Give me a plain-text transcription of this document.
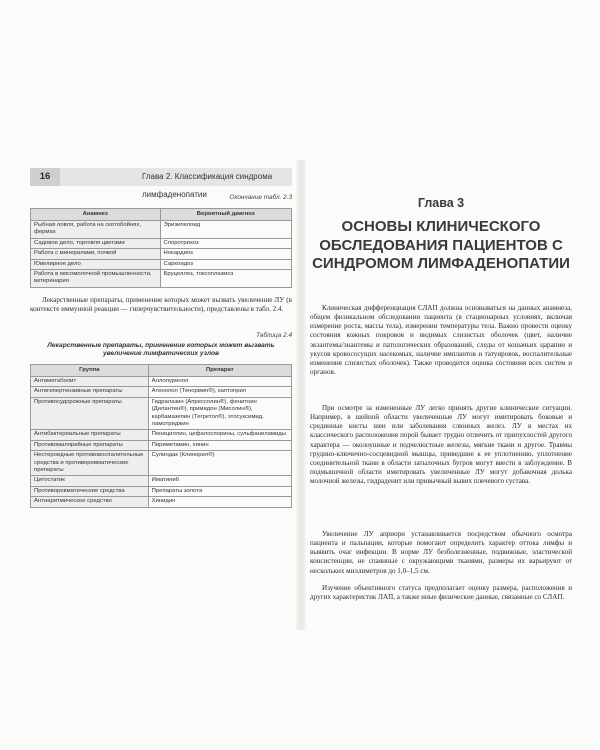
16	Глава 2. Классификация синдрома лимфаденопатии	Окончание табл. 2.3
Анамнез	Вероятный диагноз
Рыбная ловля, работа на скотобойнях, фермах	Эризипелоид
Садовое дело, торговля цветами	Споротрихоз
Работа с минералами, почвой	Нокардиоз
Ювелирное дело	Саркоидоз
Работа в мясомолочной промышленности, ветеринария	Бруцеллез, токсоплазмоз
Лекарственные препараты, применение которых может вызвать увеличение ЛУ (в контексте иммунной реакции — гиперчувствительности), представлены в табл. 2.4.
Таблица 2.4
Лекарственные препараты, применение которых может вызвать увеличение лимфатических узлов
Группа	Препарат
Антиметаболит	Аллопуринол
Антигипертензивные препараты	Атенолол (Тенормин®), каптоприл
Противосудорожные препараты	Гидралазин (Апрессолин®), фенитоин (Дилантин®), примидон (Мисолин®), карбамазепин (Тегретол®), этосуксимид, ламотриджин
Антибактериальные препараты	Пенициллин, цефалоспорины, сульфаниламиды
Противомалярийные препараты	Пириметамин, хинин
Нестероидные противовоспалительные средства и противоревматические препараты	Сулиндак (Клинорил®)
Цитостатик	Иматиниб
Противоревматические средства	Препараты золота
Антиаритмическое средство	Хинидин
Глава 3
ОСНОВЫ КЛИНИЧЕСКОГО ОБСЛЕДОВАНИЯ ПАЦИЕНТОВ С СИНДРОМОМ ЛИМФАДЕНОПАТИИ
Клиническая дифференциация СЛАП должна основываться на данных анамнеза, общем физикальном обследовании пациента (в стационарных условиях, включая измерение роста, массы тела), измерении температуры тела. Важно провести оценку состояния кожных покровов и видимых слизистых оболочек (цвет, наличие экзантемы/энантемы и патологических образований, следы от кошачьих царапин и укусов кровососущих насекомых, наличие имплантов и татуировок, воспалительные изменения слизистых оболочек). Также проводится оценка состояния всех систем и органов.
При осмотре за измененные ЛУ легко принять другие клинические ситуации. Например, в шейной области увеличенные ЛУ могут имитировать боковые и срединные кисты шеи или заболевания слюнных желез. ЛУ в местах их классического расположения порой бывает трудно отличить от припухлостей другого характера — околоушные и подчелюстные железы, мягкие ткани и другое. Травмы грудино-ключично-сосцевидной мышцы, приведшие к ее уплотнению, уплотнение соединительной ткани в области затылочных бугров могут ввести в заблуждение. В подмышечной области имитировать увеличенные ЛУ могут добавочная долька молочной железы, гидраденит или привычный вывих плечевого сустава.
Увеличение ЛУ априори устанавливается посредством обычного осмотра пациента и пальпации, которые помогают определить характер оттока лимфы и выявить очаг инфекции. В норме ЛУ безболезненные, подвижные, эластической консистенции, не спаянные с окружающими тканями, размеры их варьируют от нескольких миллиметров до 1,0–1,5 см.
Изучение объективного статуса предполагает оценку размера, расположения и других характеристик ЛАП, а также иные физические данные, связанные со СЛАП.
